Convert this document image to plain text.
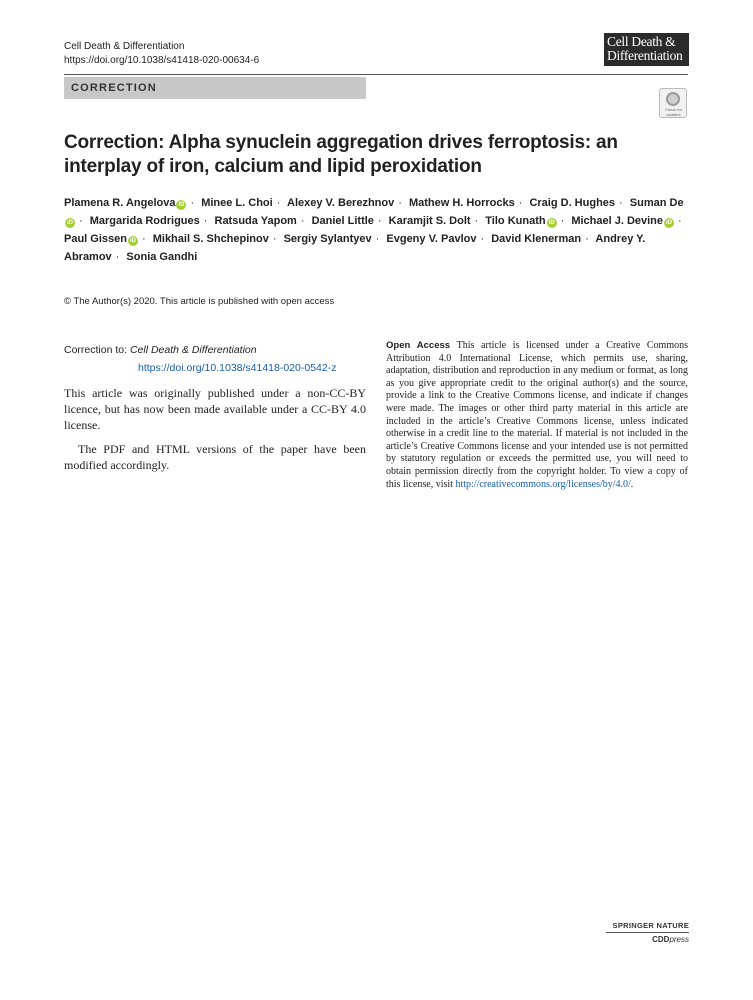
Cell Death & Differentiation
https://doi.org/10.1038/s41418-020-00634-6
Cell Death &
Differentiation
CORRECTION
Check for updates
Correction: Alpha synuclein aggregation drives ferroptosis: an interplay of iron, calcium and lipid peroxidation
Plamena R. Angelova iD · Minee L. Choi · Alexey V. Berezhnov · Mathew H. Horrocks · Craig D. Hughes · Suman DeiD · Margarida Rodrigues · Ratsuda Yapom · Daniel Little · Karamjit S. Dolt · Tilo Kunath iD · Michael J. Devine iD · Paul Gissen iD · Mikhail S. Shchepinov · Sergiy Sylantyev · Evgeny V. Pavlov · David Klenerman · Andrey Y. Abramov · Sonia Gandhi
© The Author(s) 2020. This article is published with open access
Correction to: Cell Death & Differentiation
https://doi.org/10.1038/s41418-020-0542-z

This article was originally published under a non-CC-BY licence, but has now been made available under a CC-BY 4.0 license.

The PDF and HTML versions of the paper have been modified accordingly.

Open Access This article is licensed under a Creative Commons Attribution 4.0 International License, which permits use, sharing, adaptation, distribution and reproduction in any medium or format, as long as you give appropriate credit to the original author(s) and the source, provide a link to the Creative Commons license, and indicate if changes were made. The images or other third party material in this article are included in the article’s Creative Commons license, unless indicated otherwise in a credit line to the material. If material is not included in the article’s Creative Commons license and your intended use is not permitted by statutory regulation or exceeds the permitted use, you will need to obtain permission directly from the copyright holder. To view a copy of this license, visit http://creativecommons.org/licenses/by/4.0/.
SPRINGER NATURE
CDDpress
